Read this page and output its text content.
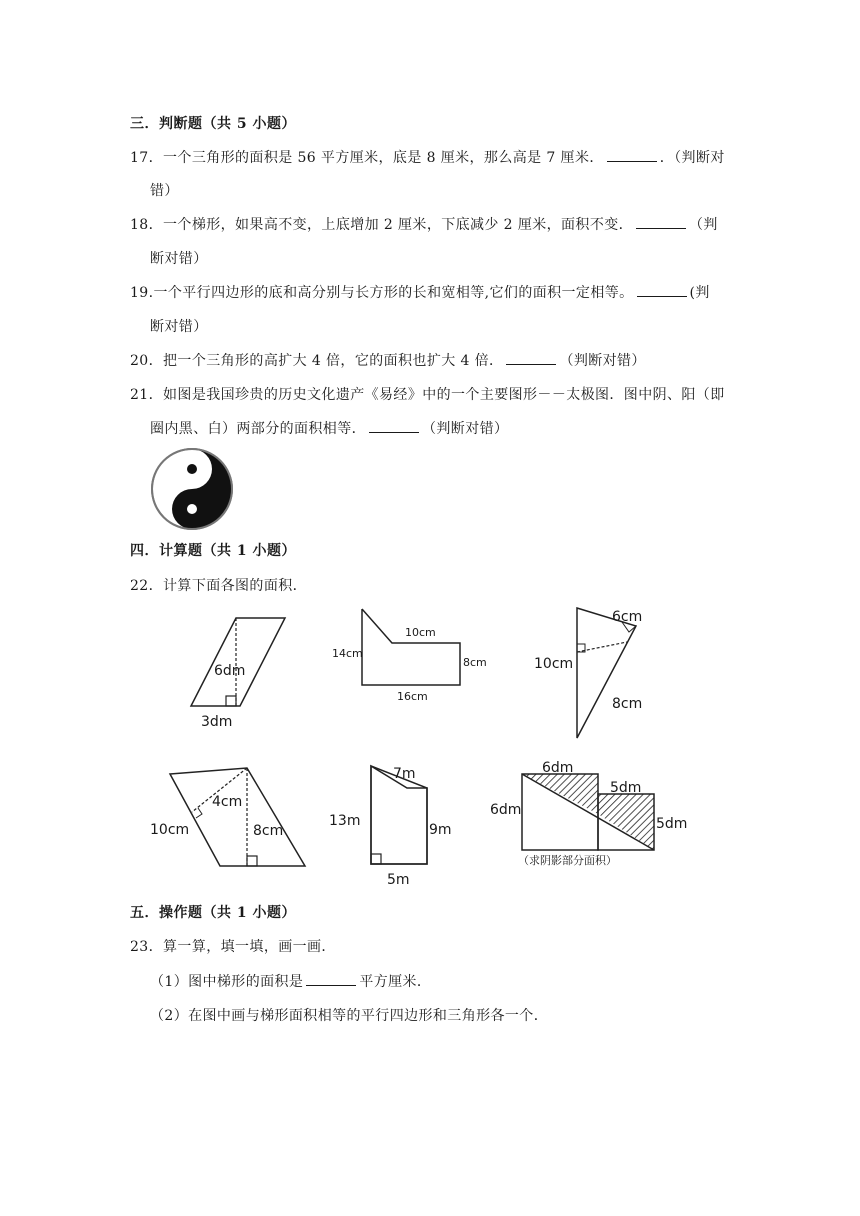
三．判断题（共 5 小题）
17．一个三角形的面积是 56 平方厘米，底是 8 厘米，那么高是 7 厘米．	．（判断对
错）
18．一个梯形，如果高不变，上底增加 2 厘米，下底减少 2 厘米，面积不变．	（判
断对错）
19.一个平行四边形的底和高分别与长方形的长和宽相等,它们的面积一定相等。	(判
断对错）
20．把一个三角形的高扩大 4 倍，它的面积也扩大 4 倍．	（判断对错）
21．如图是我国珍贵的历史文化遗产《易经》中的一个主要图形－－太极图．图中阴、阳（即
圈内黑、白）两部分的面积相等．	（判断对错）
四．计算题（共 1 小题）
22．计算下面各图的面积．
6dm
3dm
14cm
10cm
8cm
16cm
6cm
10cm
8cm
4cm
10cm	8cm
7m
13m
9m
5m
6dm
6dm
5dm
5dm
（求阴影部分面积）
五．操作题（共 1 小题）
23．算一算，填一填，画一画．
（1）图中梯形的面积是	平方厘米．
（2）在图中画与梯形面积相等的平行四边形和三角形各一个．
